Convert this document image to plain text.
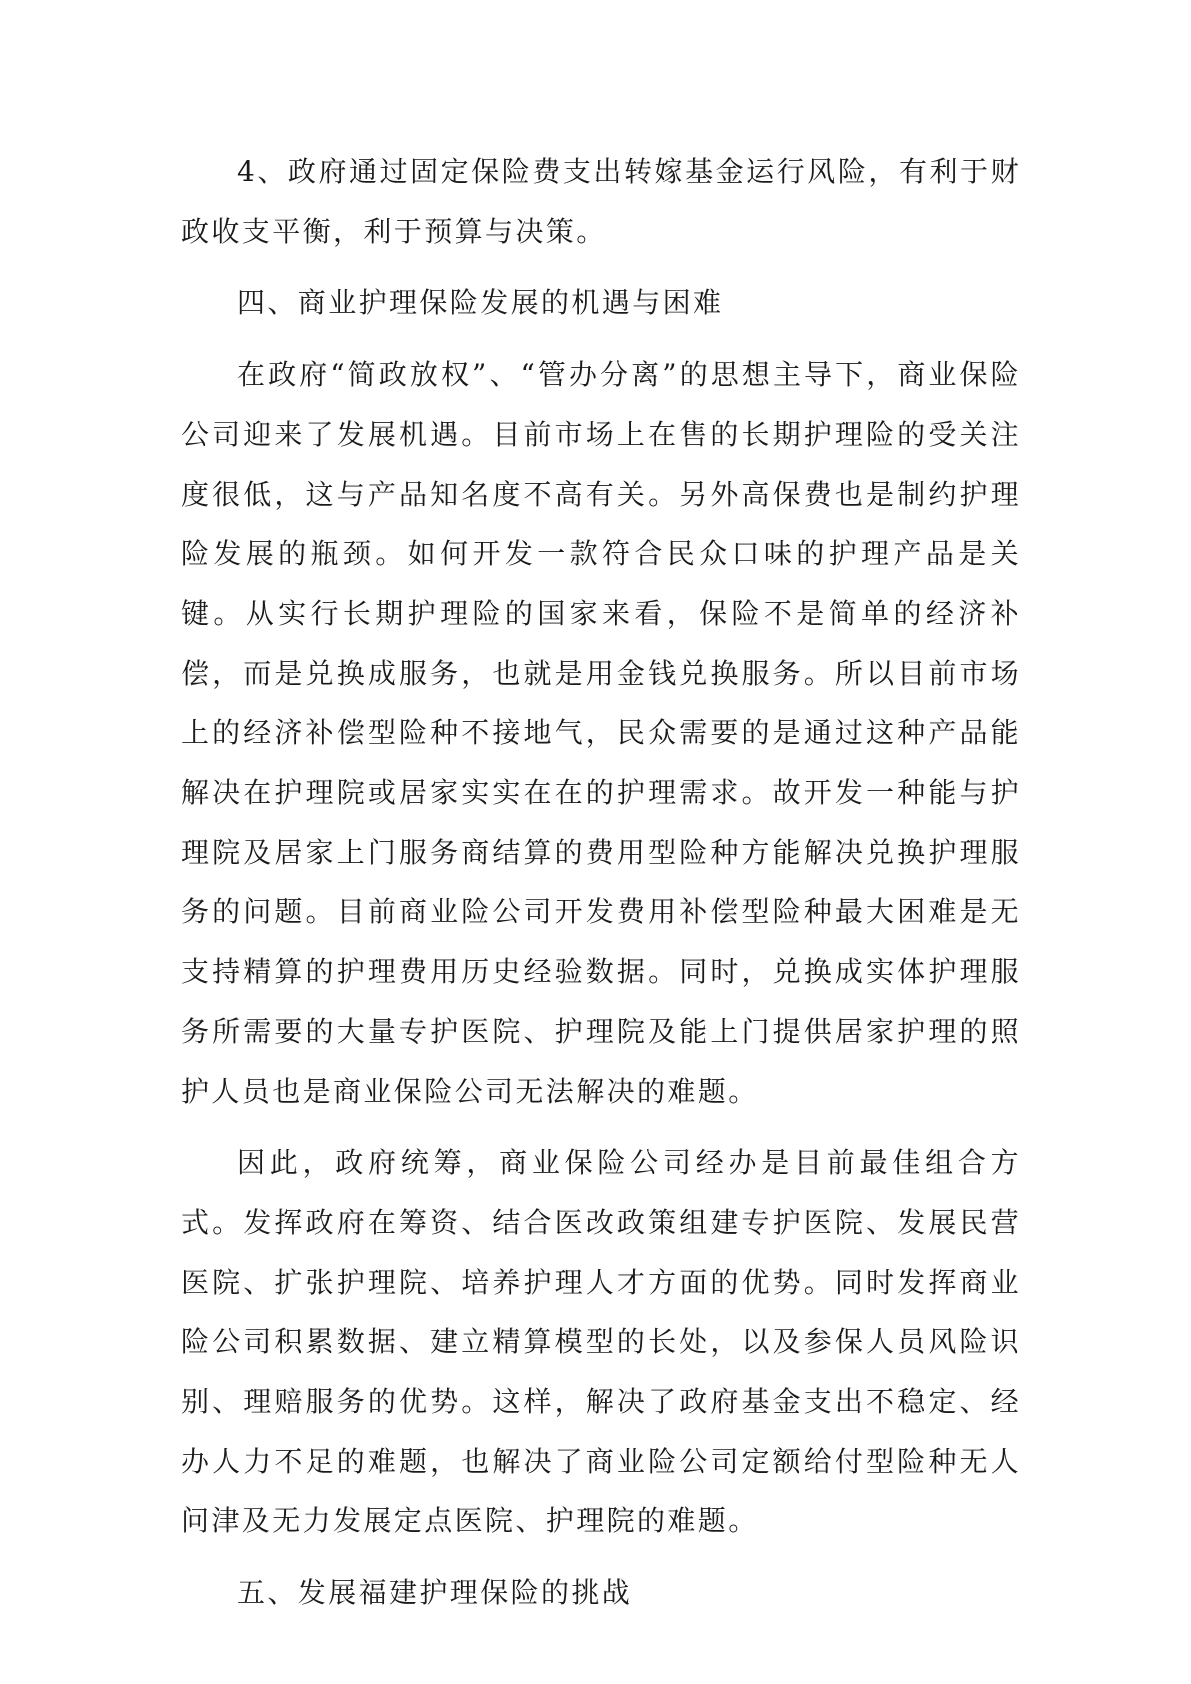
4、政府通过固定保险费支出转嫁基金运行风险，有利于财政收支平衡，利于预算与决策。

四、商业护理保险发展的机遇与困难

在政府“简政放权”、“管办分离”的思想主导下，商业保险公司迎来了发展机遇。目前市场上在售的长期护理险的受关注度很低，这与产品知名度不高有关。另外高保费也是制约护理险发展的瓶颈。如何开发一款符合民众口味的护理产品是关键。从实行长期护理险的国家来看，保险不是简单的经济补偿，而是兑换成服务，也就是用金钱兑换服务。所以目前市场上的经济补偿型险种不接地气，民众需要的是通过这种产品能解决在护理院或居家实实在在的护理需求。故开发一种能与护理院及居家上门服务商结算的费用型险种方能解决兑换护理服务的问题。目前商业险公司开发费用补偿型险种最大困难是无支持精算的护理费用历史经验数据。同时，兑换成实体护理服务所需要的大量专护医院、护理院及能上门提供居家护理的照护人员也是商业保险公司无法解决的难题。

因此，政府统筹，商业保险公司经办是目前最佳组合方式。发挥政府在筹资、结合医改政策组建专护医院、发展民营医院、扩张护理院、培养护理人才方面的优势。同时发挥商业险公司积累数据、建立精算模型的长处，以及参保人员风险识别、理赔服务的优势。这样，解决了政府基金支出不稳定、经办人力不足的难题，也解决了商业险公司定额给付型险种无人问津及无力发展定点医院、护理院的难题。

五、发展福建护理保险的挑战
